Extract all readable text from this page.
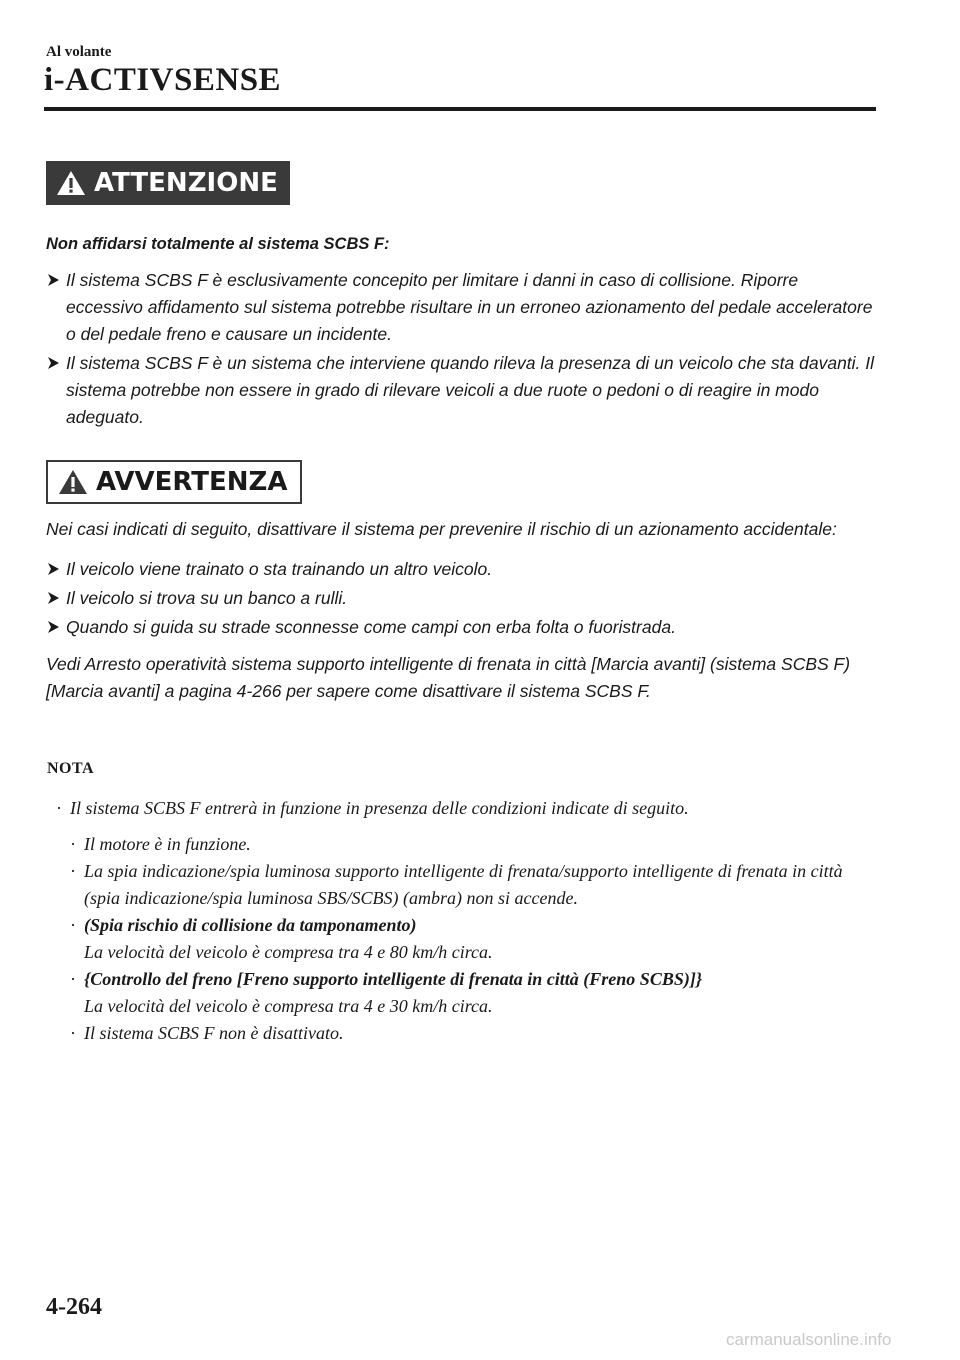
Al volante
i-ACTIVSENSE
ATTENZIONE
Non affidarsi totalmente al sistema SCBS F:
Il sistema SCBS F è esclusivamente concepito per limitare i danni in caso di collisione. Riporre eccessivo affidamento sul sistema potrebbe risultare in un erroneo azionamento del pedale acceleratore o del pedale freno e causare un incidente.
Il sistema SCBS F è un sistema che interviene quando rileva la presenza di un veicolo che sta davanti. Il sistema potrebbe non essere in grado di rilevare veicoli a due ruote o pedoni o di reagire in modo adeguato.
AVVERTENZA
Nei casi indicati di seguito, disattivare il sistema per prevenire il rischio di un azionamento accidentale:
Il veicolo viene trainato o sta trainando un altro veicolo.
Il veicolo si trova su un banco a rulli.
Quando si guida su strade sconnesse come campi con erba folta o fuoristrada.
Vedi Arresto operatività sistema supporto intelligente di frenata in città [Marcia avanti] (sistema SCBS F) [Marcia avanti] a pagina 4-266 per sapere come disattivare il sistema SCBS F.
NOTA
· Il sistema SCBS F entrerà in funzione in presenza delle condizioni indicate di seguito.
· Il motore è in funzione.
· La spia indicazione/spia luminosa supporto intelligente di frenata/supporto intelligente di frenata in città (spia indicazione/spia luminosa SBS/SCBS) (ambra) non si accende.
· (Spia rischio di collisione da tamponamento)
La velocità del veicolo è compresa tra 4 e 80 km/h circa.
· {Controllo del freno [Freno supporto intelligente di frenata in città (Freno SCBS)]}
La velocità del veicolo è compresa tra 4 e 30 km/h circa.
· Il sistema SCBS F non è disattivato.
4-264
carmanualsonline.info
